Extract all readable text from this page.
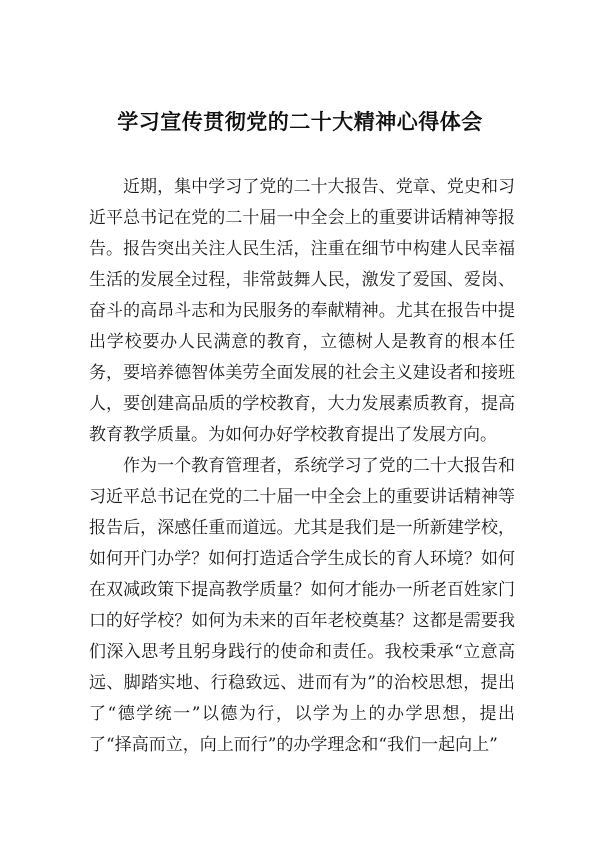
学习宣传贯彻党的二十大精神心得体会

近期，集中学习了党的二十大报告、党章、党史和习近平总书记在党的二十届一中全会上的重要讲话精神等报告。报告突出关注人民生活，注重在细节中构建人民幸福生活的发展全过程，非常鼓舞人民，激发了爱国、爱岗、奋斗的高昂斗志和为民服务的奉献精神。尤其在报告中提出学校要办人民满意的教育，立德树人是教育的根本任务，要培养德智体美劳全面发展的社会主义建设者和接班人，要创建高品质的学校教育，大力发展素质教育，提高教育教学质量。为如何办好学校教育提出了发展方向。

作为一个教育管理者，系统学习了党的二十大报告和习近平总书记在党的二十届一中全会上的重要讲话精神等报告后，深感任重而道远。尤其是我们是一所新建学校，如何开门办学？如何打造适合学生成长的育人环境？如何在双减政策下提高教学质量？如何才能办一所老百姓家门口的好学校？如何为未来的百年老校奠基？这都是需要我们深入思考且躬身践行的使命和责任。我校秉承“立意高远、脚踏实地、行稳致远、进而有为”的治校思想，提出了“德学统一”以德为行，以学为上的办学思想，提出了“择高而立，向上而行”的办学理念和“我们一起向上”
